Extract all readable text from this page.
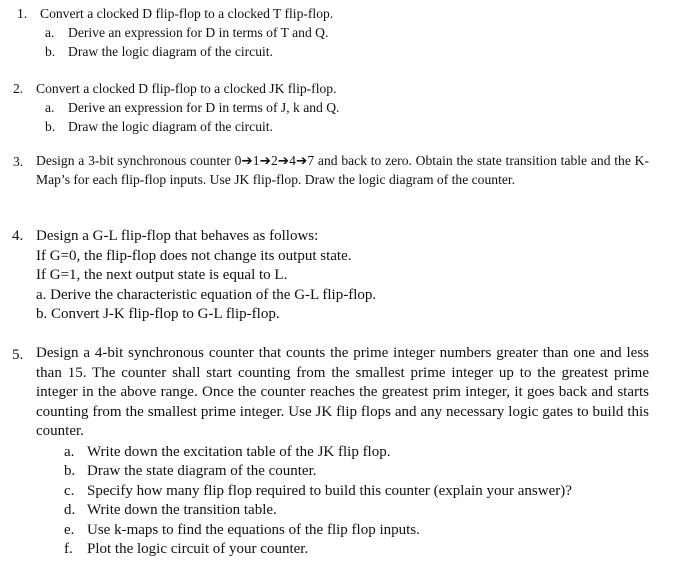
1. Convert a clocked D flip-flop to a clocked T flip-flop.
a. Derive an expression for D in terms of T and Q.
b. Draw the logic diagram of the circuit.
2. Convert a clocked D flip-flop to a clocked JK flip-flop.
a. Derive an expression for D in terms of J, k and Q.
b. Draw the logic diagram of the circuit.
3. Design a 3-bit synchronous counter 0➔1➔2➔4➔7 and back to zero. Obtain the state transition table and the K-Map’s for each flip-flop inputs. Use JK flip-flop. Draw the logic diagram of the counter.
4. Design a G-L flip-flop that behaves as follows:
If G=0, the flip-flop does not change its output state.
If G=1, the next output state is equal to L.
a. Derive the characteristic equation of the G-L flip-flop.
b. Convert J-K flip-flop to G-L flip-flop.
5. Design a 4-bit synchronous counter that counts the prime integer numbers greater than one and less than 15. The counter shall start counting from the smallest prime integer up to the greatest prime integer in the above range. Once the counter reaches the greatest prim integer, it goes back and starts counting from the smallest prime integer. Use JK flip flops and any necessary logic gates to build this counter.
a. Write down the excitation table of the JK flip flop.
b. Draw the state diagram of the counter.
c. Specify how many flip flop required to build this counter (explain your answer)?
d. Write down the transition table.
e. Use k-maps to find the equations of the flip flop inputs.
f. Plot the logic circuit of your counter.
